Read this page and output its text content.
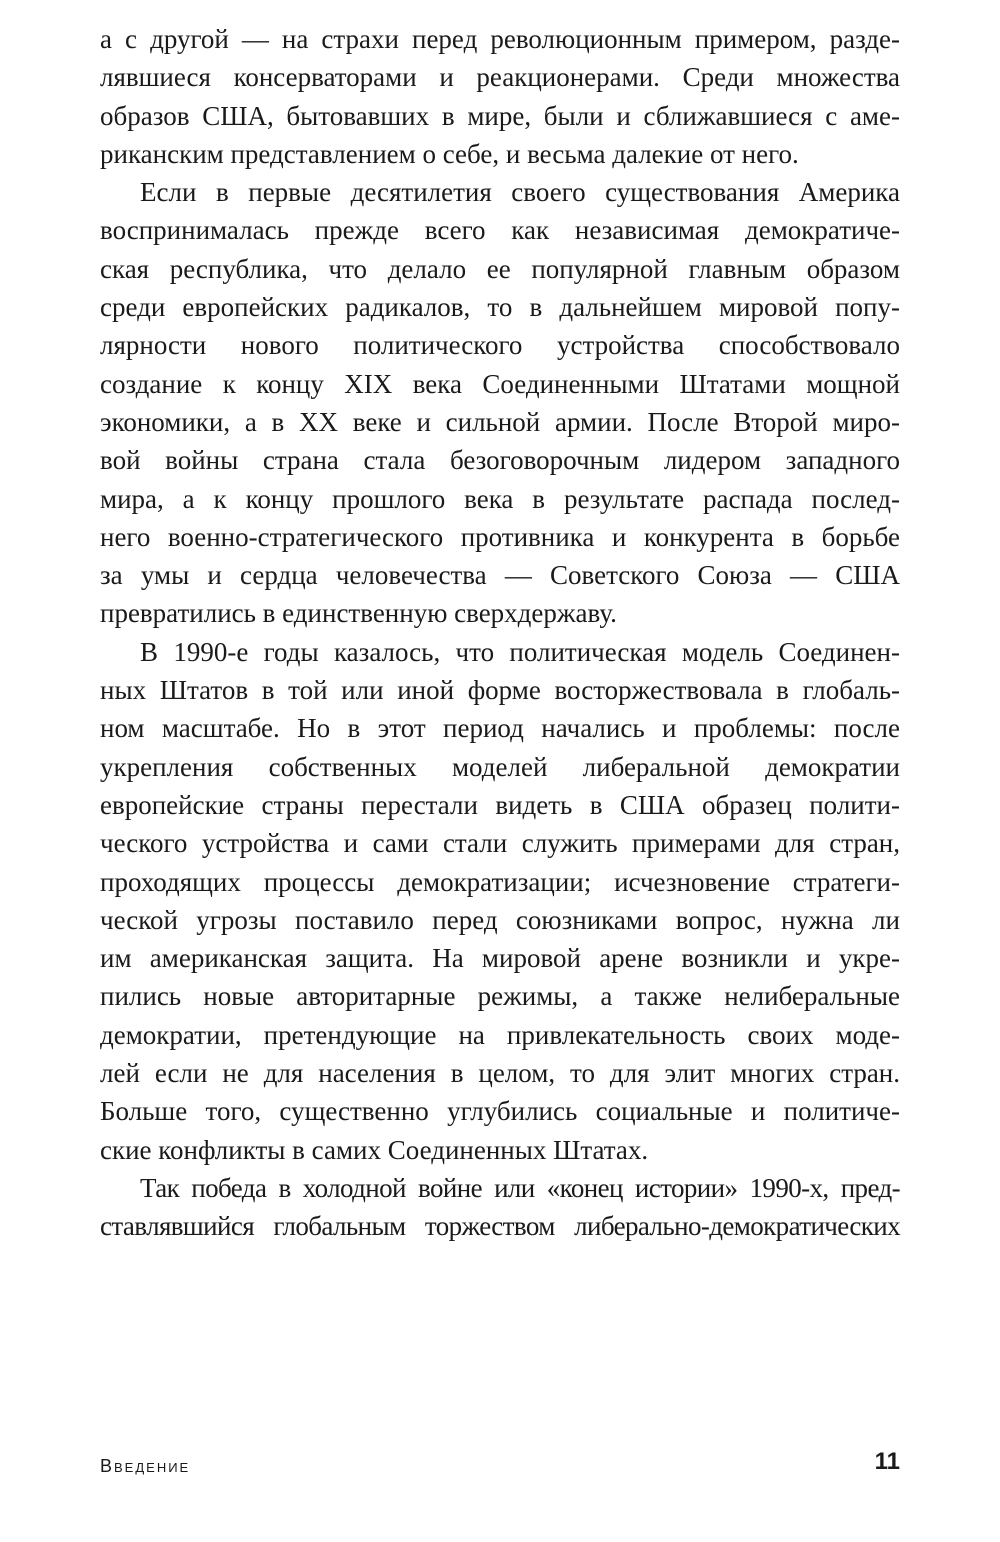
а с другой — на страхи перед революционным примером, разде-
лявшиеся консерваторами и реакционерами. Среди множества
образов США, бытовавших в мире, были и сближавшиеся с аме-
риканским представлением о себе, и весьма далекие от него.
Если в первые десятилетия своего существования Америка
воспринималась прежде всего как независимая демократиче-
ская республика, что делало ее популярной главным образом
среди европейских радикалов, то в дальнейшем мировой попу-
лярности нового политического устройства способствовало
создание к концу XIX века Соединенными Штатами мощной
экономики, а в XX веке и сильной армии. После Второй миро-
вой войны страна стала безоговорочным лидером западного
мира, а к концу прошлого века в результате распада послед-
него военно-стратегического противника и конкурента в борьбе
за умы и сердца человечества — Советского Союза — США
превратились в единственную сверхдержаву.
В 1990-е годы казалось, что политическая модель Соединен-
ных Штатов в той или иной форме восторжествовала в глобаль-
ном масштабе. Но в этот период начались и проблемы: после
укрепления собственных моделей либеральной демократии
европейские страны перестали видеть в США образец полити-
ческого устройства и сами стали служить примерами для стран,
проходящих процессы демократизации; исчезновение стратеги-
ческой угрозы поставило перед союзниками вопрос, нужна ли
им американская защита. На мировой арене возникли и укре-
пились новые авторитарные режимы, а также нелиберальные
демократии, претендующие на привлекательность своих моде-
лей если не для населения в целом, то для элит многих стран.
Больше того, существенно углубились социальные и политиче-
ские конфликты в самих Соединенных Штатах.
Так победа в холодной войне или «конец истории» 1990-х, пред-
ставлявшийся глобальным торжеством либерально-демократических
Введение	11
